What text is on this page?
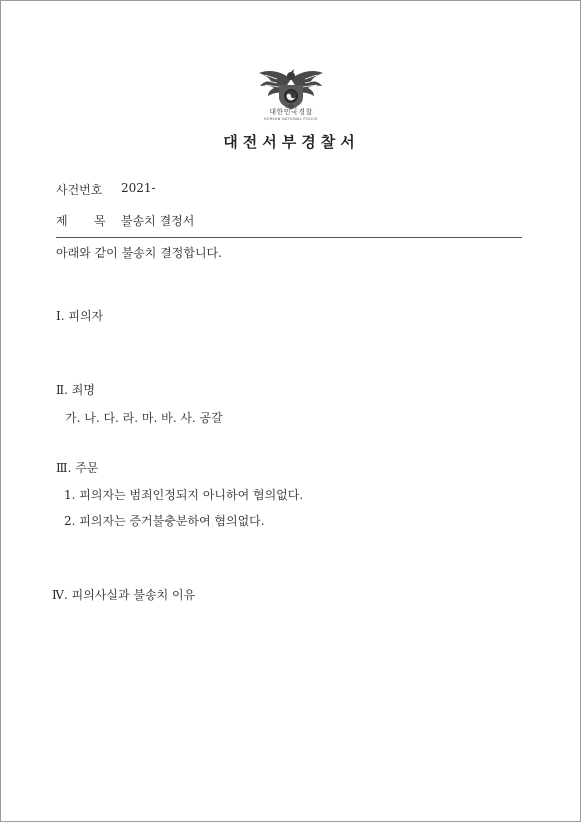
대한민국경찰
KOREAN NATIONAL POLICE
대전서부경찰서
사건번호 2021-
제 목 불송치 결정서
아래와 같이 불송치 결정합니다.
Ⅰ. 피의자
Ⅱ. 죄명
가. 나. 다. 라. 마. 바. 사. 공갈
Ⅲ. 주문
1. 피의자는 범죄인정되지 아니하여 혐의없다.
2. 피의자는 증거불충분하여 혐의없다.
Ⅳ. 피의사실과 불송치 이유
